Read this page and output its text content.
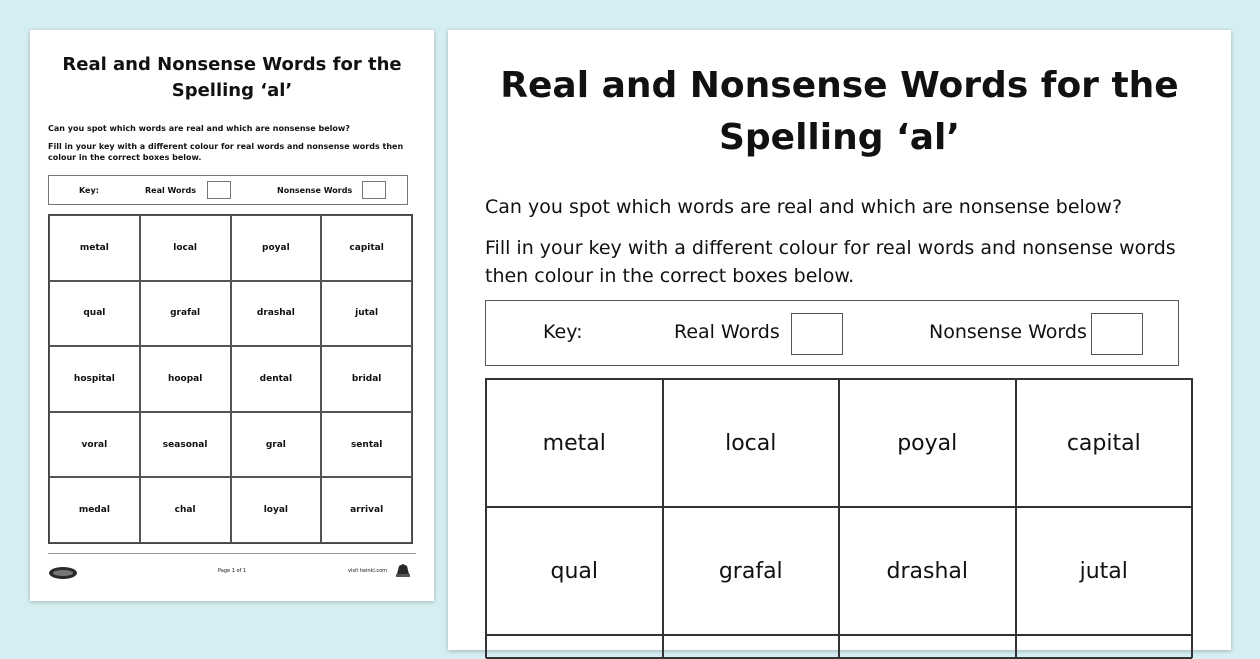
Real and Nonsense Words for the Spelling ‘al’
Can you spot which words are real and which are nonsense below?
Fill in your key with a different colour for real words and nonsense words then colour in the correct boxes below.
Key:	Real Words	Nonsense Words
metal	local	poyal	capital
qual	grafal	drashal	jutal
hospital	hoopal	dental	bridal
voral	seasonal	gral	sental
medal	chal	loyal	arrival
Page 1 of 1	visit twinkl.com
Real and Nonsense Words for the Spelling ‘al’
Can you spot which words are real and which are nonsense below?
Fill in your key with a different colour for real words and nonsense words then colour in the correct boxes below.
Key:	Real Words	Nonsense Words
metal	local	poyal	capital
qual	grafal	drashal	jutal
